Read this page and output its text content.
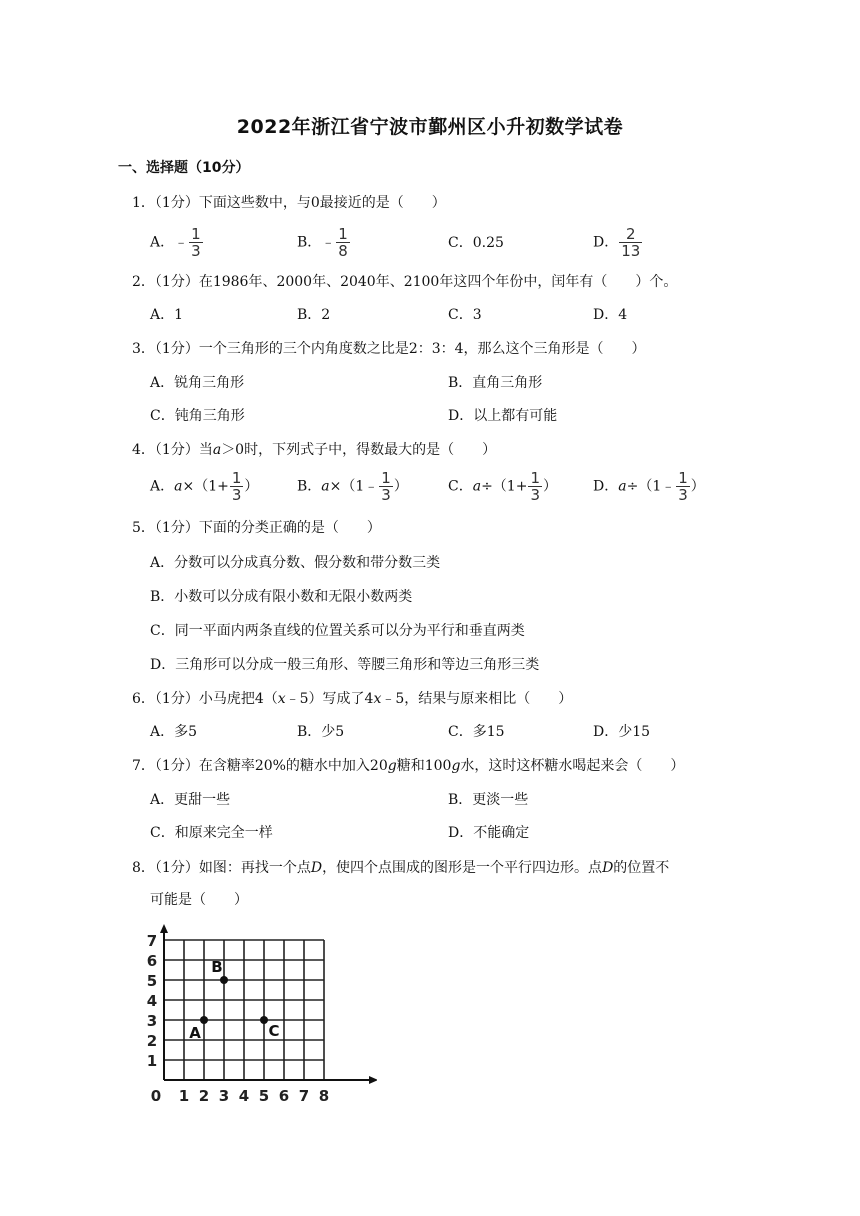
2022年浙江省宁波市鄞州区小升初数学试卷
一、选择题（10分）
1．（1分）下面这些数中，与0最接近的是（　　）
A．﹣ $\frac{1}{3}$	B．﹣ $\frac{1}{8}$	C．0.25	D． $\frac{2}{13}$
2．（1分）在1986年、2000年、2040年、2100年这四个年份中，闰年有（　　）个。
A．1	B．2	C．3	D．4
3．（1分）一个三角形的三个内角度数之比是2：3：4，那么这个三角形是（　　）
A．锐角三角形	B．直角三角形
C．钝角三角形	D．以上都有可能
4．（1分）当a＞0时，下列式子中，得数最大的是（　　）
A．$a\times(1+ \frac{1}{3}$ ）	B．a×（1﹣ $\frac{1}{3}$ ）	C．$a\div(1+ \frac{1}{3}$ ）	D．a÷（1﹣ $\frac{1}{3}$ ）
5．（1分）下面的分类正确的是（　　）
A．分数可以分成真分数、假分数和带分数三类
B．小数可以分成有限小数和无限小数两类
C．同一平面内两条直线的位置关系可以分为平行和垂直两类
D．三角形可以分成一般三角形、等腰三角形和等边三角形三类
6．（1分）小马虎把4（x﹣5）写成了4x﹣5，结果与原来相比（　　）
A．多5	B．少5	C．多15	D．少15
7．（1分）在含糖率20%的糖水中加入20g糖和100g水，这时这杯糖水喝起来会（　　）
A．更甜一些	B．更淡一些
C．和原来完全一样	D．不能确定
8．（1分）如图：再找一个点D，使四个点围成的图形是一个平行四边形。点D的位置不
可能是（　　）
0 1 2 3 4 5 6 7 8
1
2
3
4
5
6
7
A
B
C
